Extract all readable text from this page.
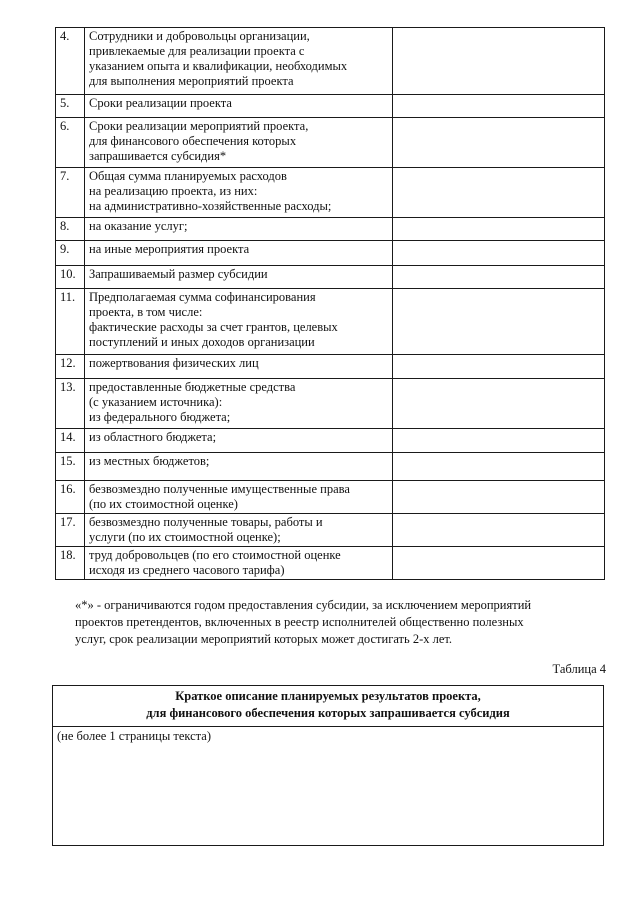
4.	Сотрудники и добровольцы организации,
привлекаемые для реализации проекта с
указанием опыта и квалификации, необходимых
для выполнения мероприятий проекта	
5.	Сроки реализации проекта	
6.	Сроки реализации мероприятий проекта,
для финансового обеспечения которых
запрашивается субсидия*	
7.	Общая сумма планируемых расходов
на реализацию проекта, из них:
на административно-хозяйственные расходы;	
8.	на оказание услуг;	
9.	на иные мероприятия проекта	
10.	Запрашиваемый размер субсидии	
11.	Предполагаемая сумма софинансирования
проекта, в том числе:
фактические расходы за счет грантов, целевых
поступлений и иных доходов организации	
12.	пожертвования физических лиц	
13.	предоставленные бюджетные средства
(с указанием источника):
из федерального бюджета;	
14.	из областного бюджета;	
15.	из местных бюджетов;	
16.	безвозмездно полученные имущественные права
(по их стоимостной оценке)	
17.	безвозмездно полученные товары, работы и
услуги (по их стоимостной оценке);	
18.	труд добровольцев (по его стоимостной оценке
исходя из среднего часового тарифа)	
«*» - ограничиваются годом предоставления субсидии, за исключением мероприятий
проектов претендентов, включенных в реестр исполнителей общественно полезных
услуг, срок реализации мероприятий которых может достигать 2-х лет.
Таблица 4
Краткое описание планируемых результатов проекта,
для финансового обеспечения которых запрашивается субсидия
(не более 1 страницы текста)
